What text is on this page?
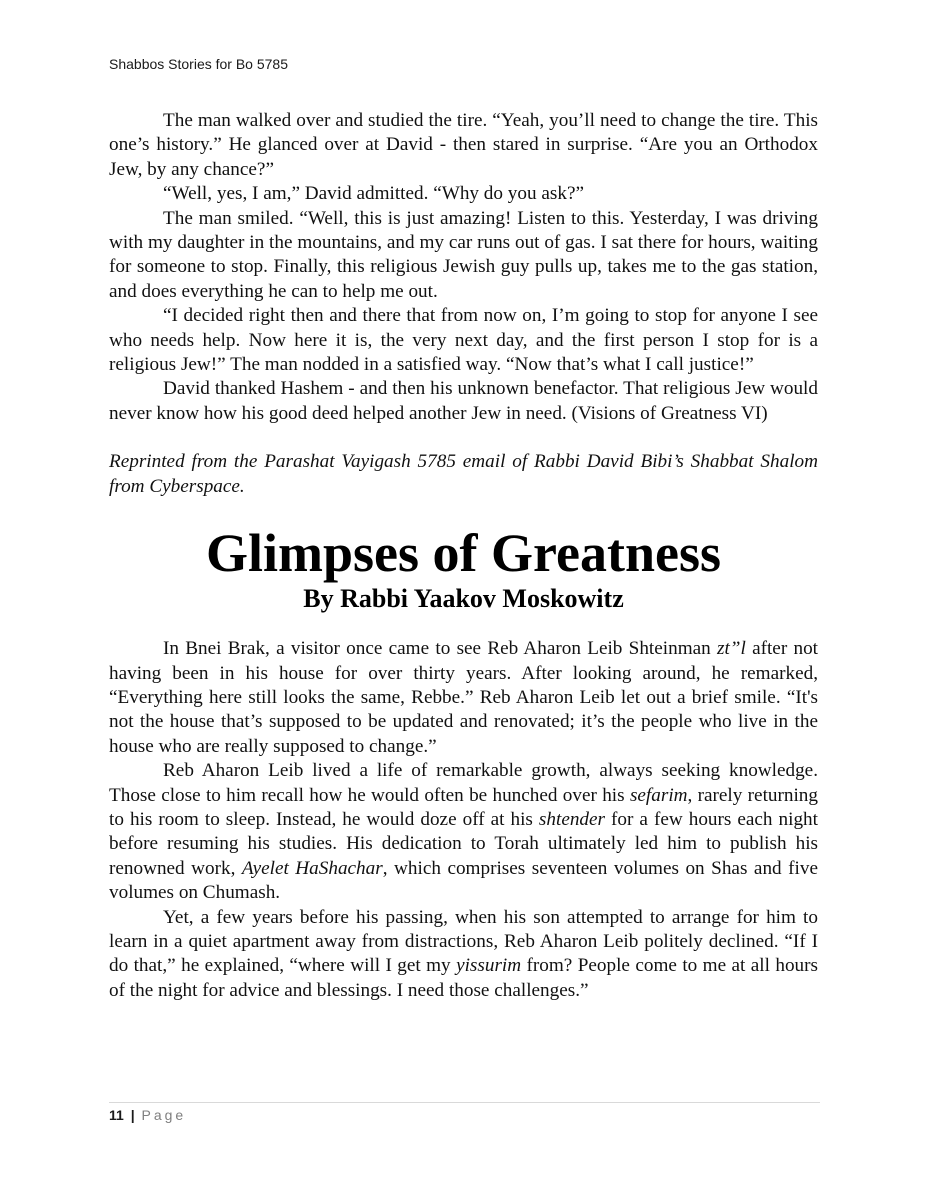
Shabbos Stories for Bo 5785

The man walked over and studied the tire. “Yeah, you’ll need to change the tire. This one’s history.” He glanced over at David - then stared in surprise. “Are you an Orthodox Jew, by any chance?”

“Well, yes, I am,” David admitted. “Why do you ask?”

The man smiled. “Well, this is just amazing! Listen to this. Yesterday, I was driving with my daughter in the mountains, and my car runs out of gas. I sat there for hours, waiting for someone to stop. Finally, this religious Jewish guy pulls up, takes me to the gas station, and does everything he can to help me out.

“I decided right then and there that from now on, I’m going to stop for anyone I see who needs help. Now here it is, the very next day, and the first person I stop for is a religious Jew!” The man nodded in a satisfied way. “Now that’s what I call justice!”

David thanked Hashem - and then his unknown benefactor. That religious Jew would never know how his good deed helped another Jew in need. (Visions of Greatness VI)

Reprinted from the Parashat Vayigash 5785 email of Rabbi David Bibi’s Shabbat Shalom from Cyberspace.

Glimpses of Greatness
By Rabbi Yaakov Moskowitz

In Bnei Brak, a visitor once came to see Reb Aharon Leib Shteinman zt”l after not having been in his house for over thirty years. After looking around, he remarked, “Everything here still looks the same, Rebbe.” Reb Aharon Leib let out a brief smile. “It's not the house that’s supposed to be updated and renovated; it’s the people who live in the house who are really supposed to change.”

Reb Aharon Leib lived a life of remarkable growth, always seeking knowledge. Those close to him recall how he would often be hunched over his sefarim, rarely returning to his room to sleep. Instead, he would doze off at his shtender for a few hours each night before resuming his studies. His dedication to Torah ultimately led him to publish his renowned work, Ayelet HaShachar, which comprises seventeen volumes on Shas and five volumes on Chumash.

Yet, a few years before his passing, when his son attempted to arrange for him to learn in a quiet apartment away from distractions, Reb Aharon Leib politely declined. “If I do that,” he explained, “where will I get my yissurim from? People come to me at all hours of the night for advice and blessings. I need those challenges.”

11 | Page
